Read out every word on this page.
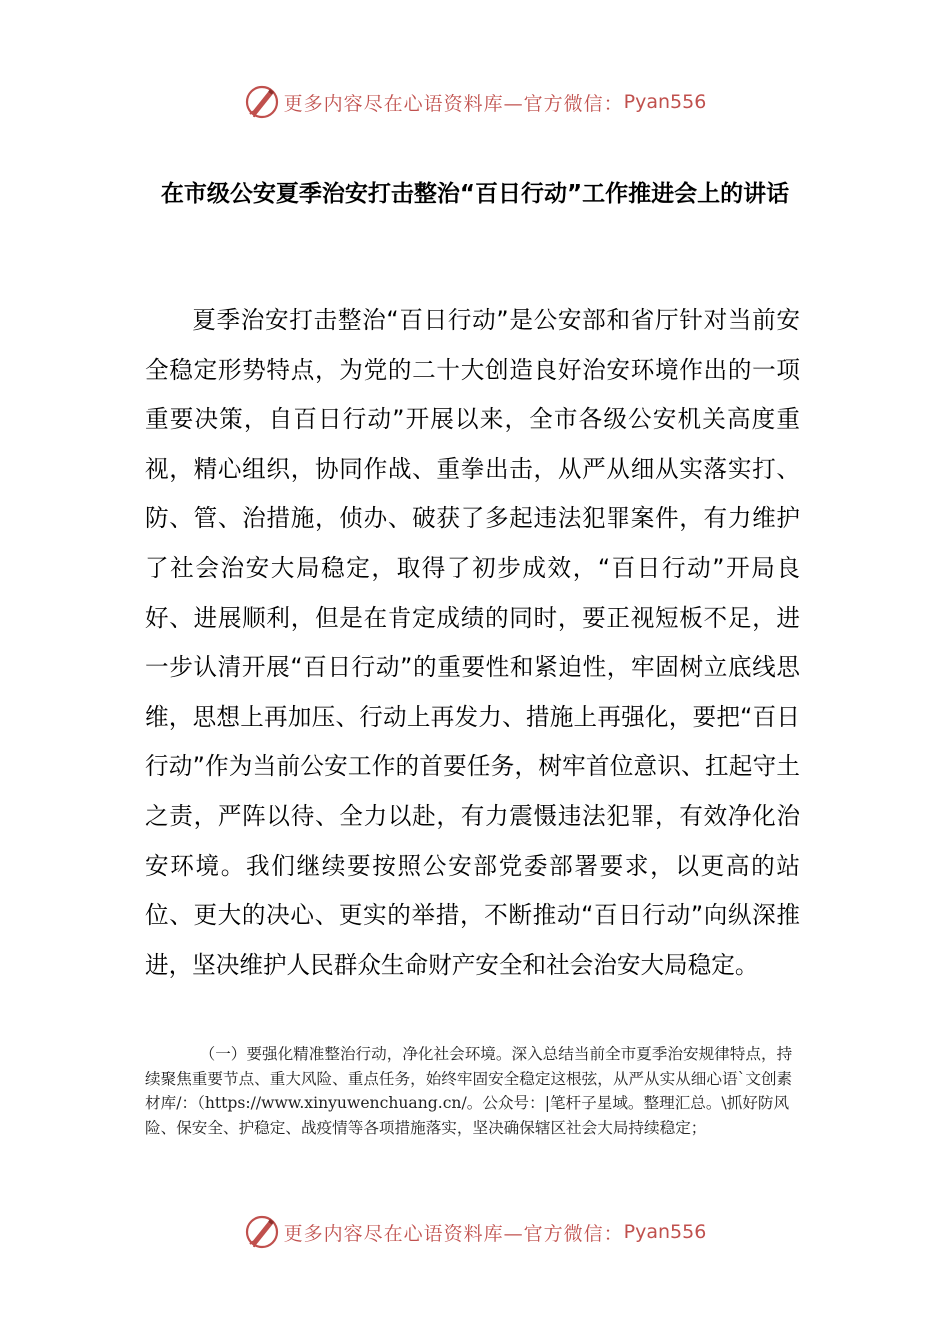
更多内容尽在心语资料库—官方微信： Pyan556
在市级公安夏季治安打击整治“百日行动”工作推进会上的讲话

夏季治安打击整治“百日行动”是公安部和省厅针对当前安全稳定形势特点，为党的二十大创造良好治安环境作出的一项重要决策，自百日行动”开展以来，全市各级公安机关高度重视，精心组织，协同作战、重拳出击，从严从细从实落实打、防、管、治措施，侦办、破获了多起违法犯罪案件，有力维护了社会治安大局稳定，取得了初步成效，“百日行动”开局良好、进展顺利，但是在肯定成绩的同时，要正视短板不足，进一步认清开展“百日行动”的重要性和紧迫性，牢固树立底线思维，思想上再加压、行动上再发力、措施上再强化，要把“百日行动”作为当前公安工作的首要任务，树牢首位意识、扛起守土之责，严阵以待、全力以赴，有力震慑违法犯罪，有效净化治安环境。我们继续要按照公安部党委部署要求，以更高的站位、更大的决心、更实的举措，不断推动“百日行动”向纵深推进，坚决维护人民群众生命财产安全和社会治安大局稳定。

（一）要强化精准整治行动，净化社会环境。深入总结当前全市夏季治安规律特点，持续聚焦重要节点、重大风险、重点任务，始终牢固安全稳定这根弦，从严从实从细心语`文创素材库/：（https://www.xinyuwenchuang.cn/。公众号：|笔杆子星域。整理汇总。\抓好防风险、保安全、护稳定、战疫情等各项措施落实，坚决确保辖区社会大局持续稳定；

更多内容尽在心语资料库—官方微信： Pyan556
